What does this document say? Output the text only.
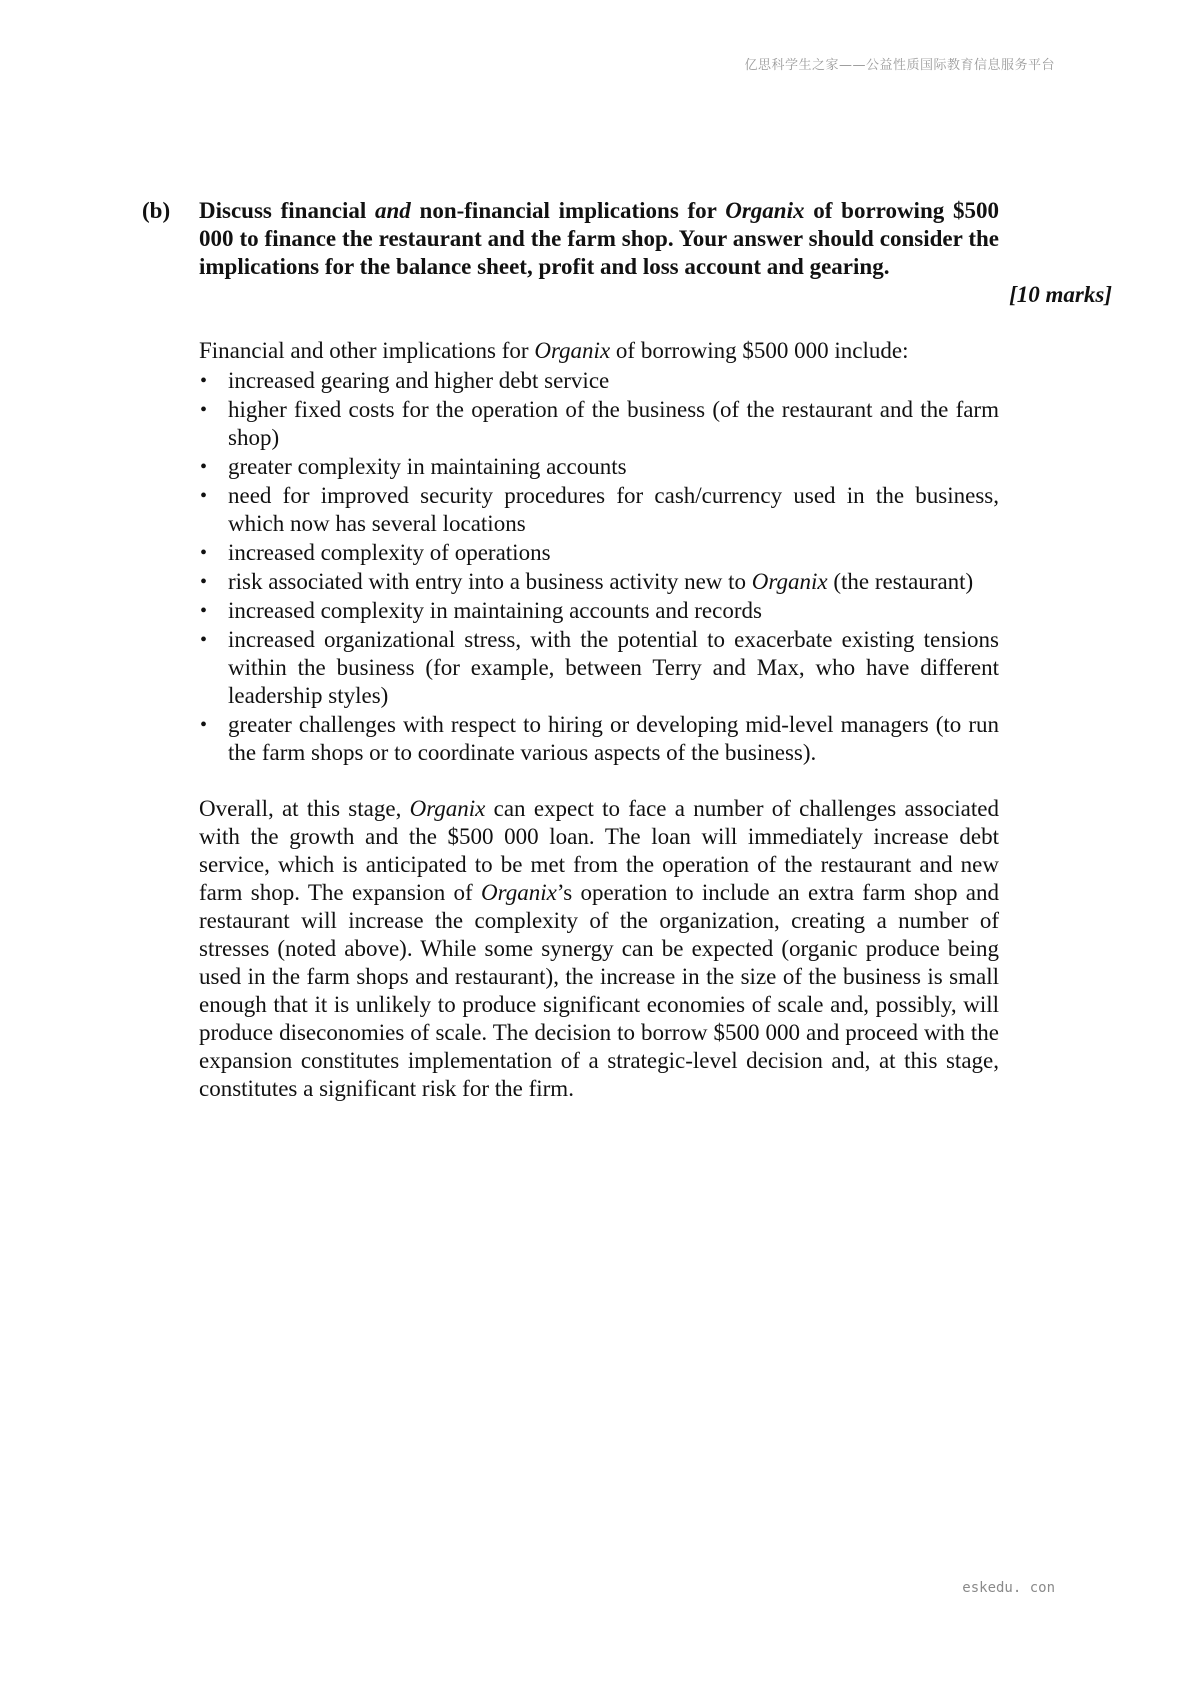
亿思科学生之家——公益性质国际教育信息服务平台
(b) Discuss financial and non-financial implications for Organix of borrowing $500 000 to finance the restaurant and the farm shop. Your answer should consider the implications for the balance sheet, profit and loss account and gearing.
[10 marks]

Financial and other implications for Organix of borrowing $500 000 include:

• increased gearing and higher debt service
• higher fixed costs for the operation of the business (of the restaurant and the farm shop)
• greater complexity in maintaining accounts
• need for improved security procedures for cash/currency used in the business, which now has several locations
• increased complexity of operations
• risk associated with entry into a business activity new to Organix (the restaurant)
• increased complexity in maintaining accounts and records
• increased organizational stress, with the potential to exacerbate existing tensions within the business (for example, between Terry and Max, who have different leadership styles)
• greater challenges with respect to hiring or developing mid-level managers (to run the farm shops or to coordinate various aspects of the business).

Overall, at this stage, Organix can expect to face a number of challenges associated with the growth and the $500 000 loan. The loan will immediately increase debt service, which is anticipated to be met from the operation of the restaurant and new farm shop. The expansion of Organix’s operation to include an extra farm shop and restaurant will increase the complexity of the organization, creating a number of stresses (noted above). While some synergy can be expected (organic produce being used in the farm shops and restaurant), the increase in the size of the business is small enough that it is unlikely to produce significant economies of scale and, possibly, will produce diseconomies of scale. The decision to borrow $500 000 and proceed with the expansion constitutes implementation of a strategic-level decision and, at this stage, constitutes a significant risk for the firm.

eskedu. con
